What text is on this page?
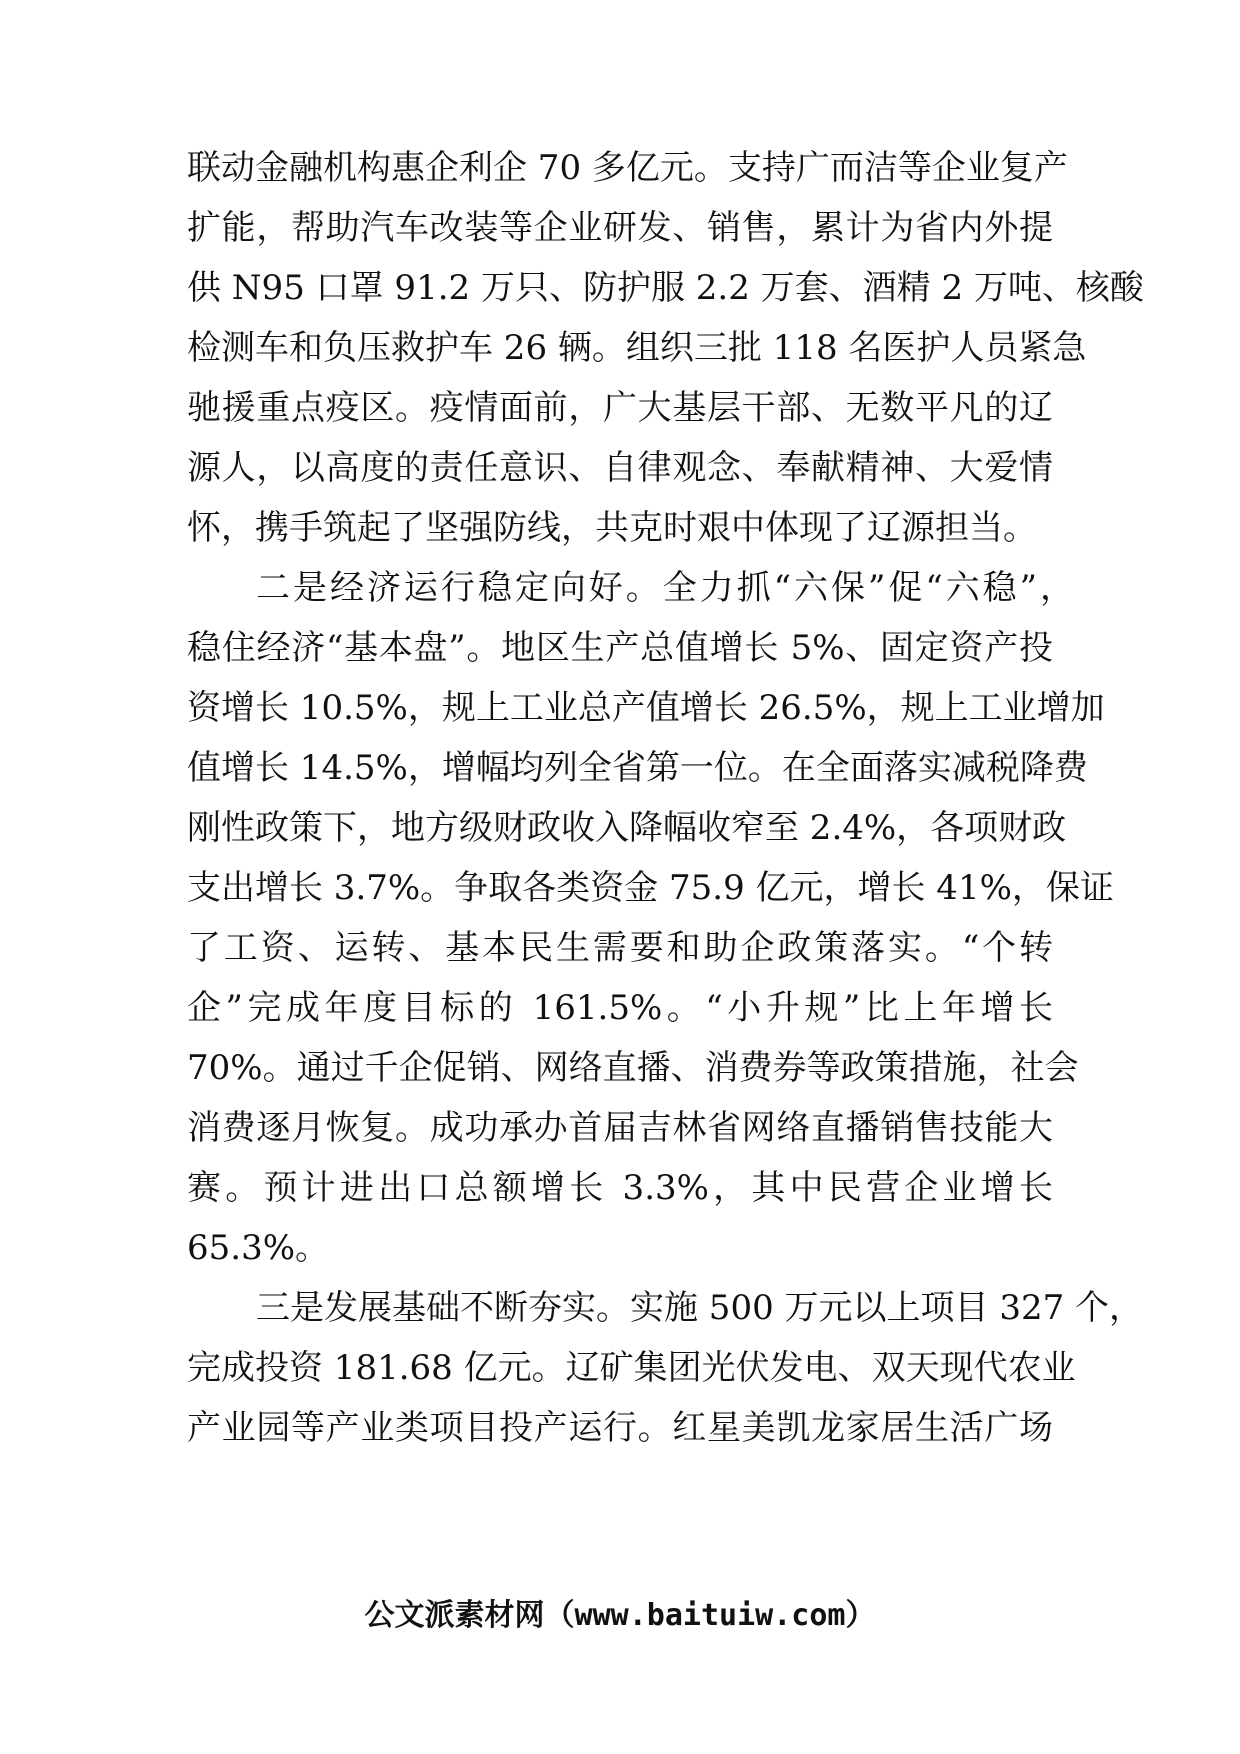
联动金融机构惠企利企 70 多亿元。支持广而洁等企业复产
扩能，帮助汽车改装等企业研发、销售，累计为省内外提
供 N95 口罩 91.2 万只、防护服 2.2 万套、酒精 2 万吨、核酸
检测车和负压救护车 26 辆。组织三批 118 名医护人员紧急
驰援重点疫区。疫情面前，广大基层干部、无数平凡的辽
源人，以高度的责任意识、自律观念、奉献精神、大爱情
怀，携手筑起了坚强防线，共克时艰中体现了辽源担当。
二是经济运行稳定向好。全力抓“六保”促“六稳”，
稳住经济“基本盘”。地区生产总值增长 5%、固定资产投
资增长 10.5%，规上工业总产值增长 26.5%，规上工业增加
值增长 14.5%，增幅均列全省第一位。在全面落实减税降费
刚性政策下，地方级财政收入降幅收窄至 2.4%，各项财政
支出增长 3.7%。争取各类资金 75.9 亿元，增长 41%，保证
了工资、运转、基本民生需要和助企政策落实。“个转
企”完成年度目标的 161.5%。“小升规”比上年增长
70%。通过千企促销、网络直播、消费券等政策措施，社会
消费逐月恢复。成功承办首届吉林省网络直播销售技能大
赛。预计进出口总额增长 3.3%，其中民营企业增长
65.3%。
三是发展基础不断夯实。实施 500 万元以上项目 327 个，
完成投资 181.68 亿元。辽矿集团光伏发电、双天现代农业
产业园等产业类项目投产运行。红星美凯龙家居生活广场
公文派素材网（www.baituiw.com）
